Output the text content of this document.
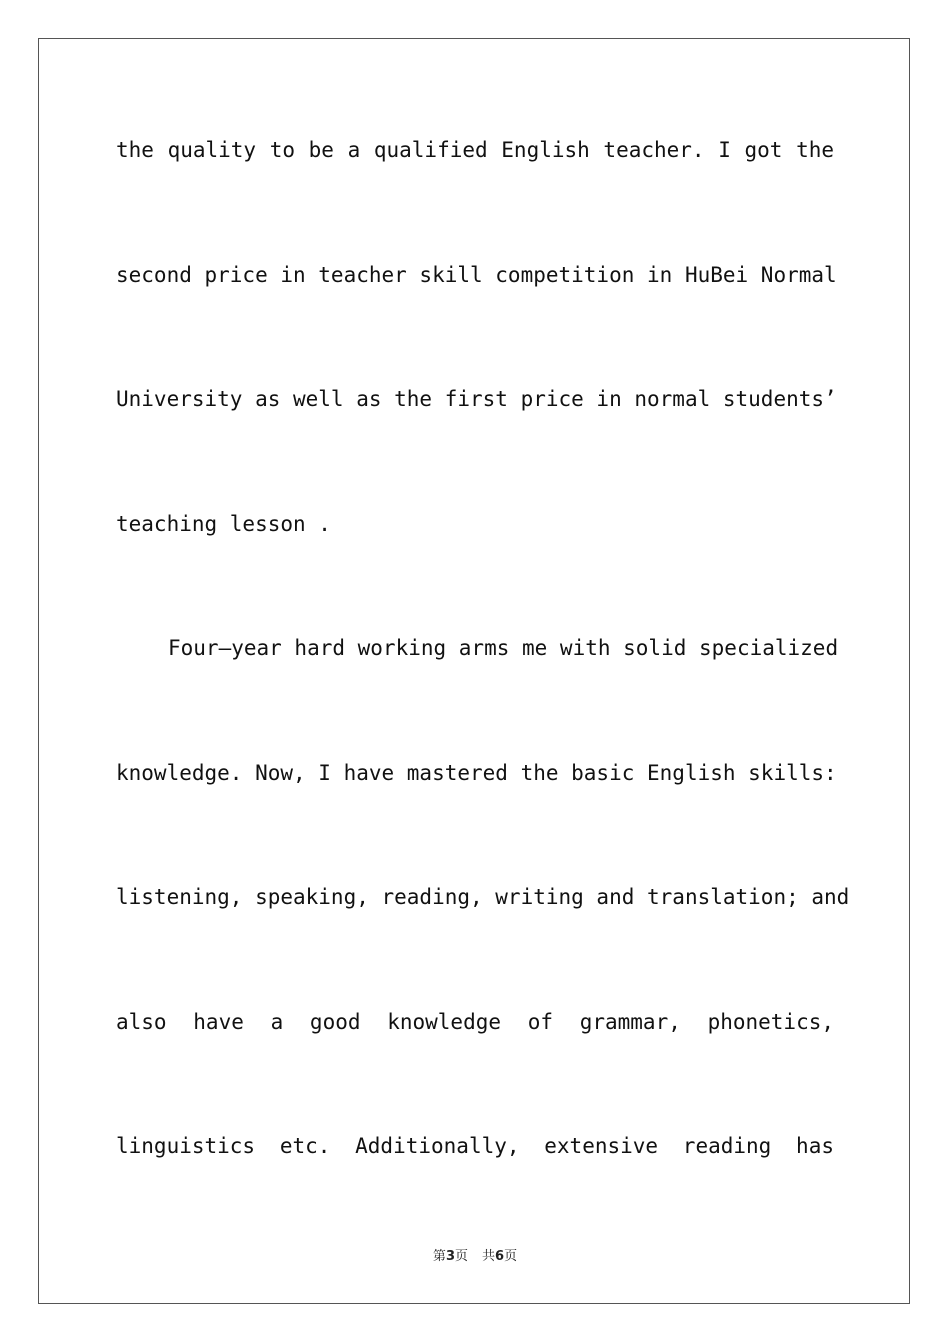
the quality to be a qualified English teacher. I got the
second price in teacher skill competition in HuBei Normal
University as well as the first price in normal students’
teaching lesson .
Four—year hard working arms me with solid specialized
knowledge. Now, I have mastered the basic English skills:
listening, speaking, reading, writing and translation; and
also have a good knowledge of grammar, phonetics,
linguistics etc. Additionally, extensive reading has
第3页 共6页
